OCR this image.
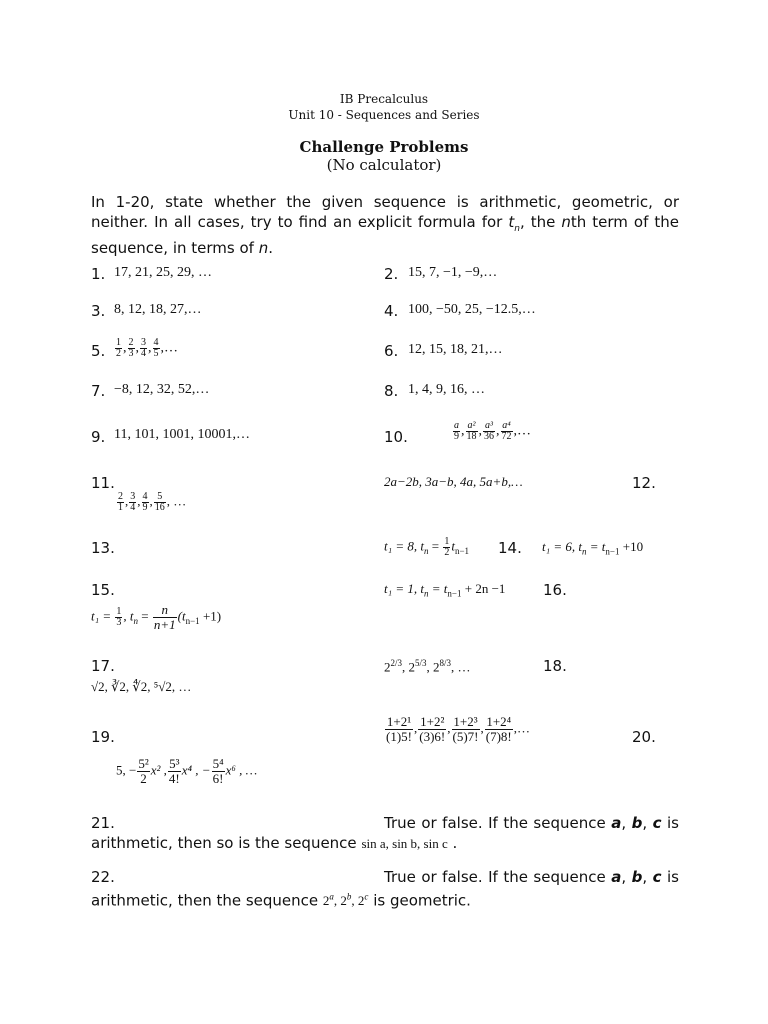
IB Precalculus
Unit 10 - Sequences and Series
Challenge Problems
(No calculator)
In 1-20, state whether the given sequence is arithmetic, geometric, or neither. In all cases, try to find an explicit formula for $t_n$, the nth term of the sequence, in terms of n.
1. 17, 21, 25, 29, …	2. 15, 7, −1, −9,…
3. 8, 12, 18, 27,…	4. 100, −50, 25, −12.5,…
5. $\frac{1}{2}$ , $\frac{2}{3}$ , $\frac{3}{4}$ , $\frac{4}{5}$ ,…	6. 12, 15, 18, 21,…
7. −8, 12, 32, 52,…	8. 1, 4, 9, 16, …
9. 11, 101, 1001, 10001,…	10.	$\frac{a}{9}$ , $\frac{\text{a²}}{18}$ , $\frac{\text{a³}}{36}$ , $\frac{\text{a⁴}}{72}$ ,…
11.
$\frac{2}{1}$ , $\frac{3}{4}$ , $\frac{4}{9}$ , $\frac{5}{16}$ , …
2a−2b, 3a−b, 4a, 5a+b,…	12.
13.	t₁ = 8, $t_n = \frac{1}{2} t_{n-1}$ 14. t₁ = 6, $t_n = t_{n-1} +10$
15.
$t_1 = \frac{1}{3}$ , $t_n = \frac{n}{n+1} (t_{n-1} +1)$
t₁ = 1, $t_n = t_{n-1} + 2n -1$	16.
17.
√2, ∛2, ∜2, ⁵√2, …
$2^{2/3}$, $2^{5/3}$, $2^{8/3}$, …	18.
19.
5, − $\frac{\text{5²}}{2} x^2$ , $\frac{\text{5³}}{4!} x^4$ , − $\frac{\text{5⁴}}{6!} x^6$ , …
$\frac{\text{1+2¹}}{(1)5!}$ , $\frac{\text{1+2²}}{(3)6!}$ , $\frac{\text{1+2³}}{(5)7!}$ , $\frac{\text{1+2⁴}}{(7)8!}$ ,…
20.
21.	True or false. If the sequence a, b, c is arithmetic, then so is the sequence sin a, sin b, sin c .
22.	True or false. If the sequence a, b, c is arithmetic, then the sequence 2$^a$, 2$^b$, 2$^c$ is geometric.
